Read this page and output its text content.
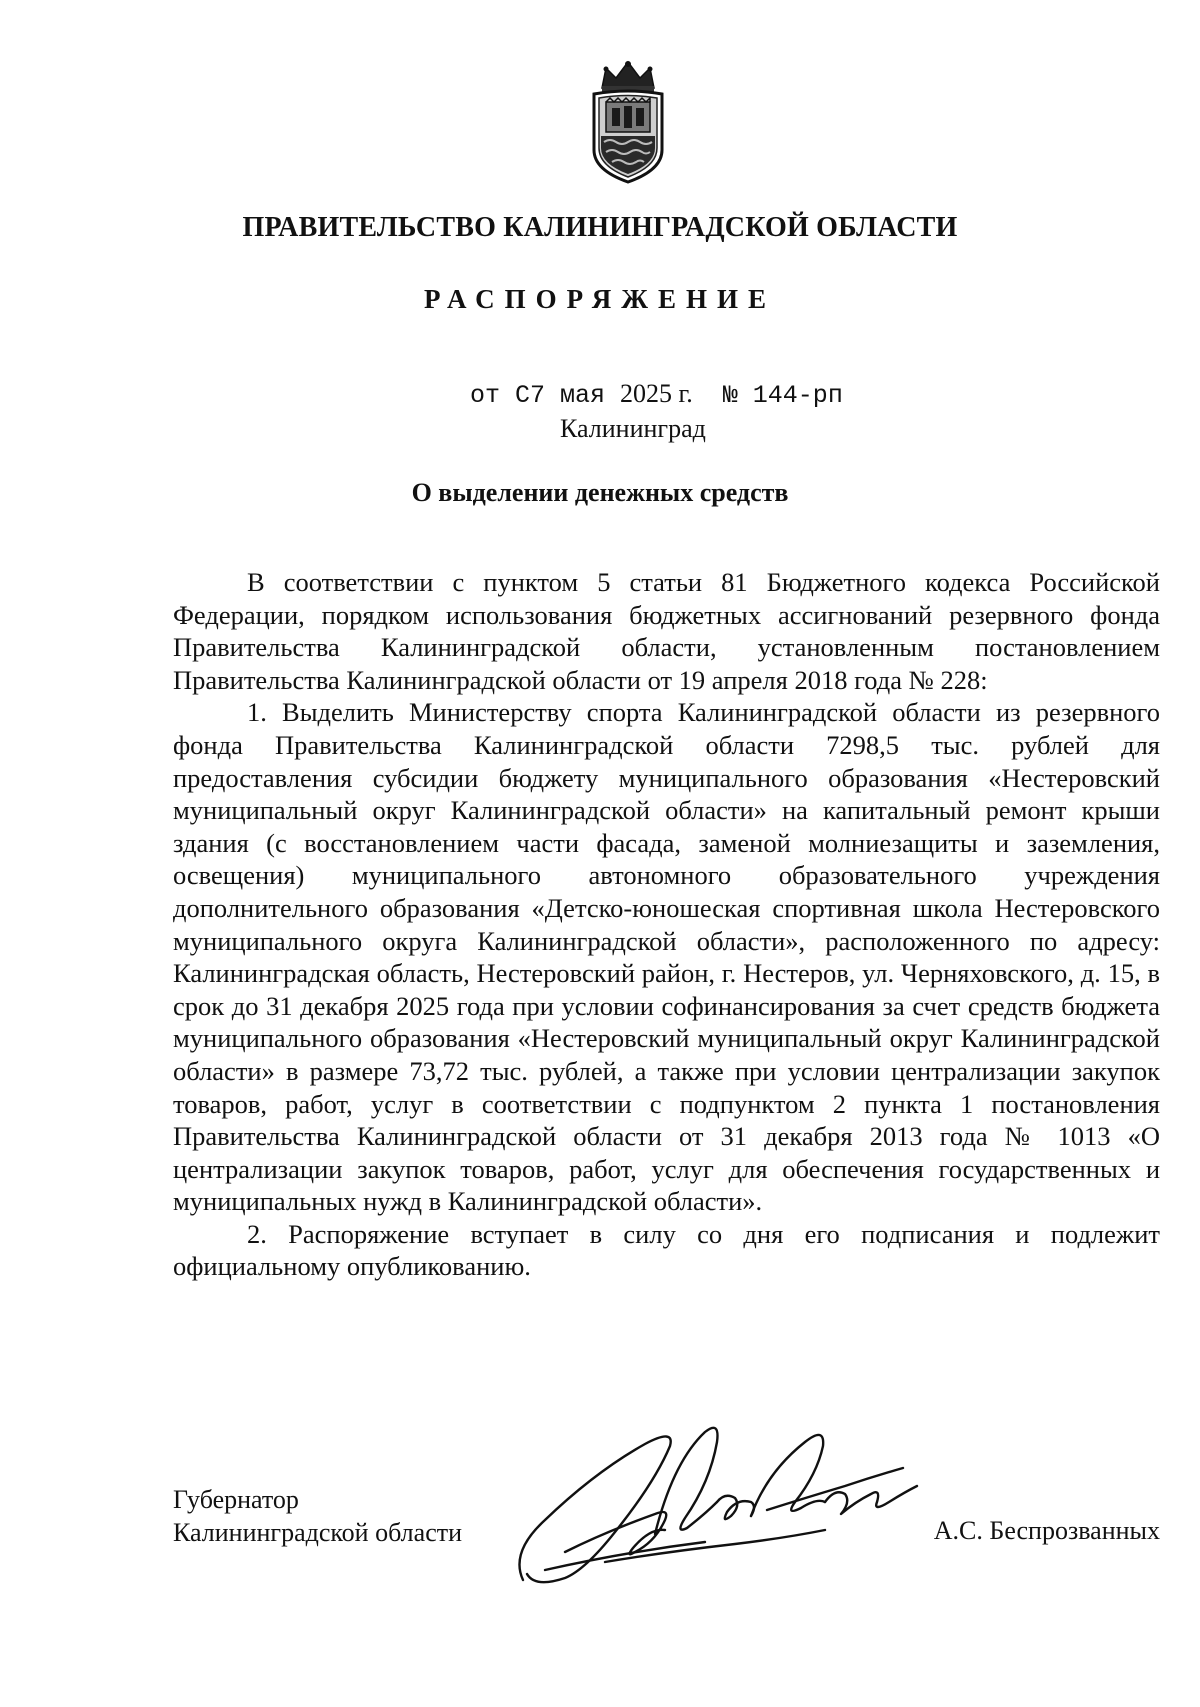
ПРАВИТЕЛЬСТВО КАЛИНИНГРАДСКОЙ ОБЛАСТИ
РАСПОРЯЖЕНИЕ
от С7 мая 2025 г. № 144-рп
Калининград
О выделении денежных средств

В соответствии с пунктом 5 статьи 81 Бюджетного кодекса Российской Федерации, порядком использования бюджетных ассигнований резервного фонда Правительства Калининградской области, установленным постановлением Правительства Калининградской области от 19 апреля 2018 года № 228:

1. Выделить Министерству спорта Калининградской области из резервного фонда Правительства Калининградской области 7298,5 тыс. рублей для предоставления субсидии бюджету муниципального образования «Нестеровский муниципальный округ Калининградской области» на капитальный ремонт крыши здания (с восстановлением части фасада, заменой молниезащиты и заземления, освещения) муниципального автономного образовательного учреждения дополнительного образования «Детско-юношеская спортивная школа Нестеровского муниципального округа Калининградской области», расположенного по адресу: Калининградская область, Нестеровский район, г. Нестеров, ул. Черняховского, д. 15, в срок до 31 декабря 2025 года при условии софинансирования за счет средств бюджета муниципального образования «Нестеровский муниципальный округ Калининградской области» в размере 73,72 тыс. рублей, а также при условии централизации закупок товаров, работ, услуг в соответствии с подпунктом 2 пункта 1 постановления Правительства Калининградской области от 31 декабря 2013 года № 1013 «О централизации закупок товаров, работ, услуг для обеспечения государственных и муниципальных нужд в Калининградской области».

2. Распоряжение вступает в силу со дня его подписания и подлежит официальному опубликованию.

Губернатор
Калининградской области	А.С. Беспрозванных
